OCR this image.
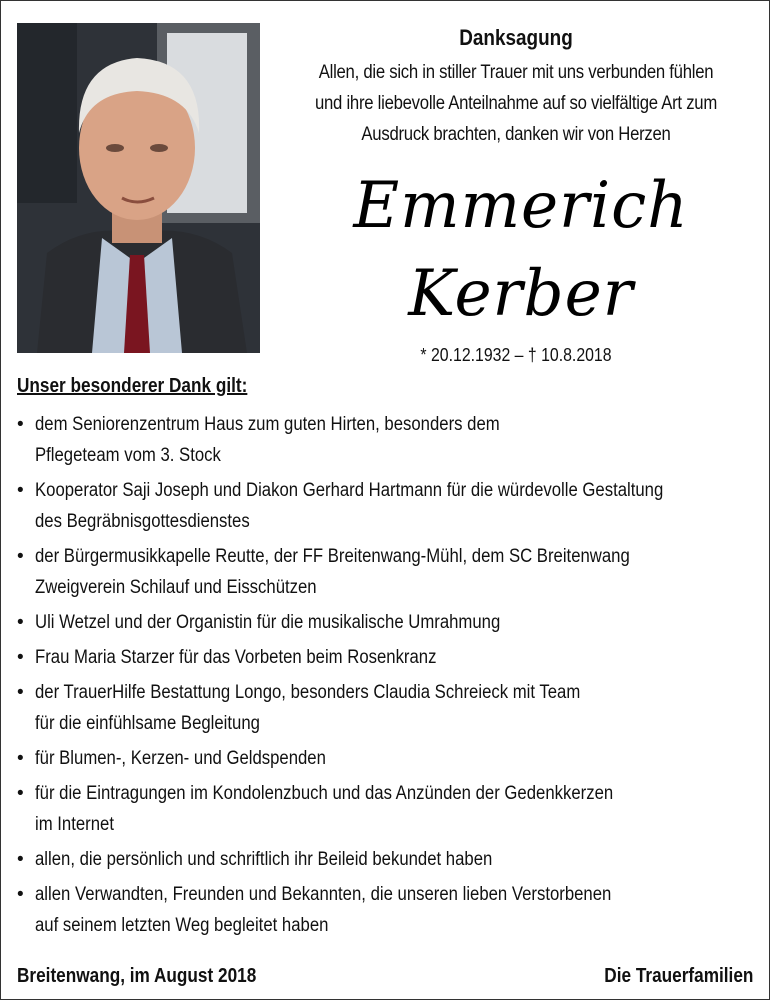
Danksagung
Allen, die sich in stiller Trauer mit uns verbunden fühlen
und ihre liebevolle Anteilnahme auf so vielfältige Art zum
Ausdruck brachten, danken wir von Herzen
Emmerich
Kerber
* 20.12.1932 – † 10.8.2018
Unser besonderer Dank gilt:
• dem Seniorenzentrum Haus zum guten Hirten, besonders dem
Pflegeteam vom 3. Stock
• Kooperator Saji Joseph und Diakon Gerhard Hartmann für die würdevolle Gestaltung
des Begräbnisgottesdienstes
• der Bürgermusikkapelle Reutte, der FF Breitenwang-Mühl, dem SC Breitenwang
Zweigverein Schilauf und Eisschützen
• Uli Wetzel und der Organistin für die musikalische Umrahmung
• Frau Maria Starzer für das Vorbeten beim Rosenkranz
• der TrauerHilfe Bestattung Longo, besonders Claudia Schreieck mit Team
für die einfühlsame Begleitung
• für Blumen-, Kerzen- und Geldspenden
• für die Eintragungen im Kondolenzbuch und das Anzünden der Gedenkkerzen
im Internet
• allen, die persönlich und schriftlich ihr Beileid bekundet haben
• allen Verwandten, Freunden und Bekannten, die unseren lieben Verstorbenen
auf seinem letzten Weg begleitet haben
Breitenwang, im August 2018	Die Trauerfamilien
